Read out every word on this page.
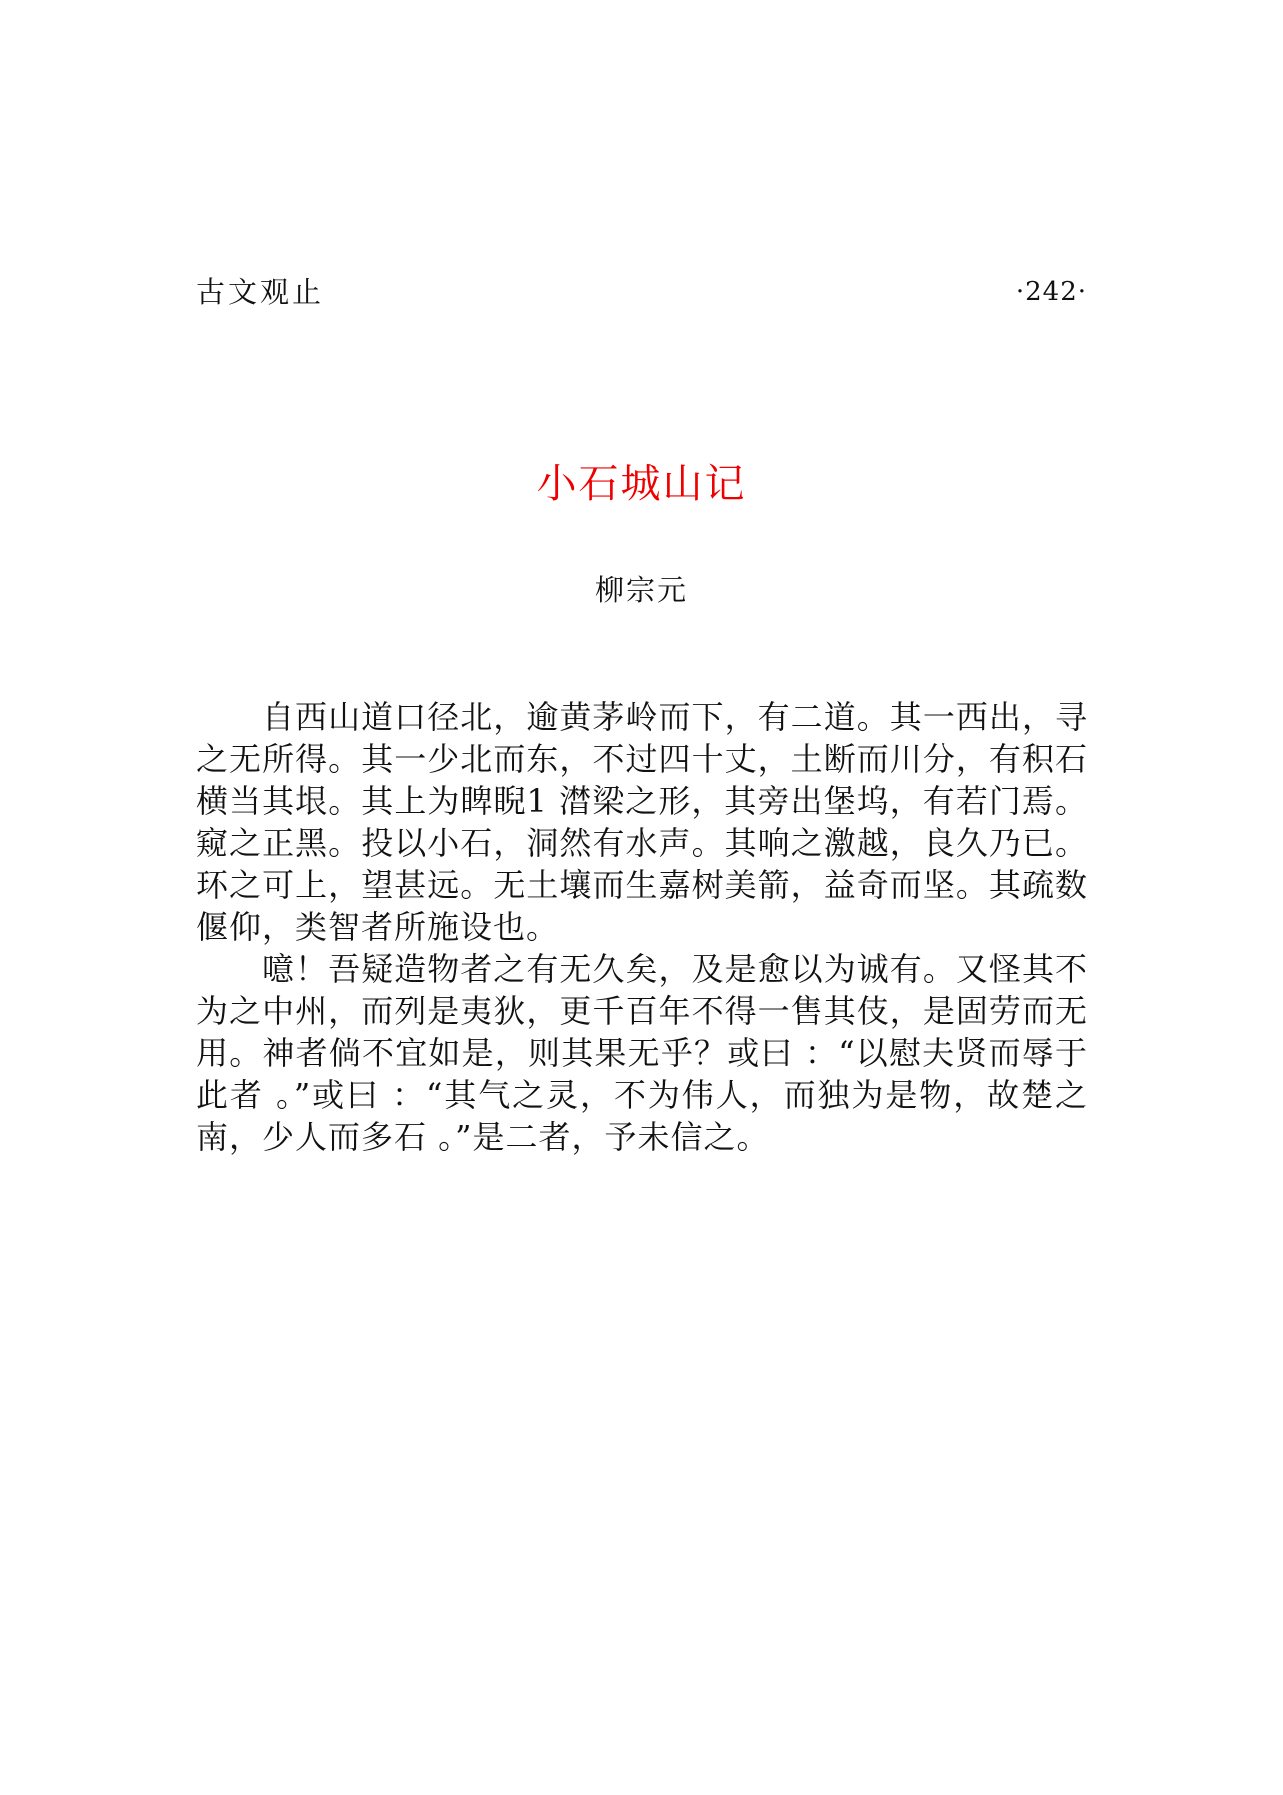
古文观止	·242·
小石城山记

柳宗元

自西山道口径北，逾黄茅岭而下，有二道。其一西出，寻之无所得。其一少北而东，不过四十丈，土断而川分，有积石横当其垠。其上为睥睨1 澘梁之形，其旁出堡坞，有若门焉。窥之正黑。投以小石，洞然有水声。其响之激越，良久乃已。环之可上，望甚远。无土壤而生嘉树美箭，益奇而坚。其疏数偃仰，类智者所施设也。

噫！吾疑造物者之有无久矣，及是愈以为诚有。又怪其不为之中州，而列是夷狄，更千百年不得一售其伎，是固劳而无用。神者倘不宜如是，则其果无乎？或曰 ：“以慰夫贤而辱于此者 。”或曰 ：“其气之灵，不为伟人，而独为是物，故楚之南，少人而多石 。”是二者，予未信之。
